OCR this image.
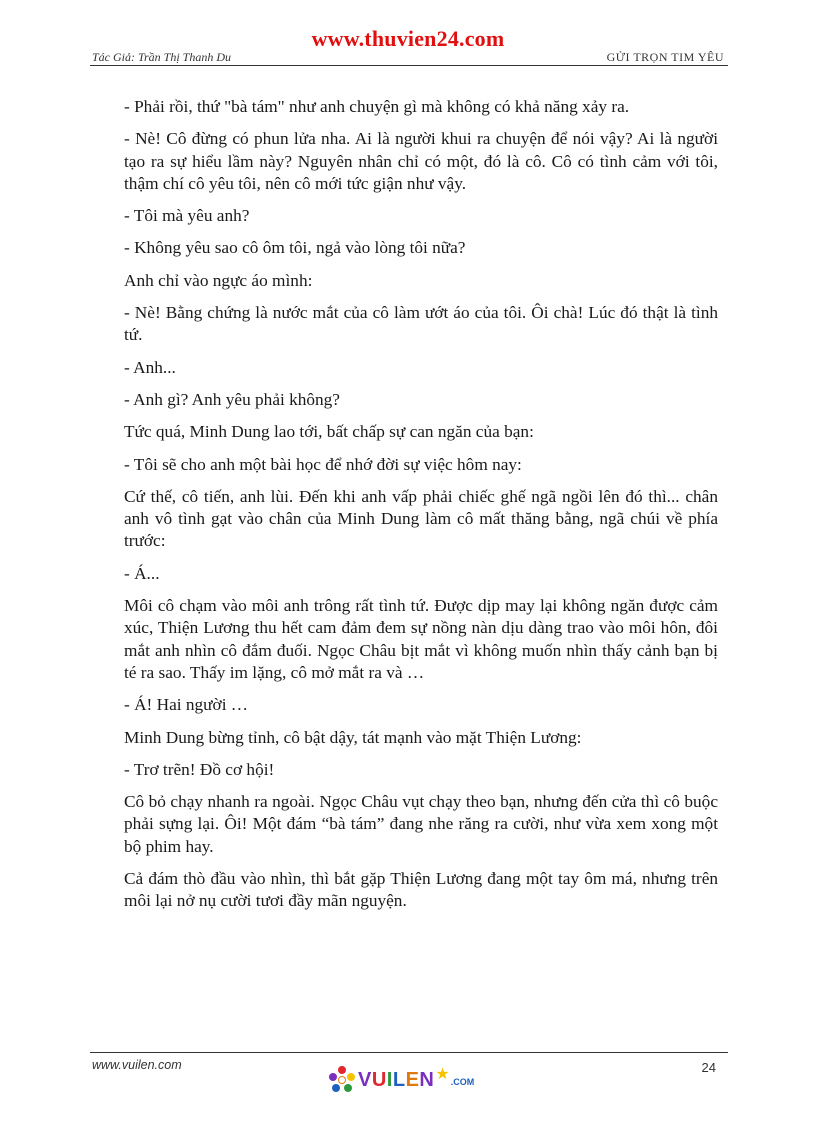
www.thuvien24.com
Tác Giả: Trần Thị Thanh Du	GỬI TRỌN TIM YÊU

- Phải rồi, thứ "bà tám" như anh chuyện gì mà không có khả năng xảy ra.

- Nè! Cô đừng có phun lửa nha. Ai là người khui ra chuyện để nói vậy? Ai là người tạo ra sự hiểu lầm này? Nguyên nhân chỉ có một, đó là cô. Cô có tình cảm với tôi, thậm chí cô yêu tôi, nên cô mới tức giận như vậy.

- Tôi mà yêu anh?

- Không yêu sao cô ôm tôi, ngả vào lòng tôi nữa?

Anh chỉ vào ngực áo mình:

- Nè! Bằng chứng là nước mắt của cô làm ướt áo của tôi. Ôi chà! Lúc đó thật là tình tứ.

- Anh...

- Anh gì? Anh yêu phải không?

Tức quá, Minh Dung lao tới, bất chấp sự can ngăn của bạn:

- Tôi sẽ cho anh một bài học để nhớ đời sự việc hôm nay:

Cứ thế, cô tiến, anh lùi. Đến khi anh vấp phải chiếc ghế ngã ngồi lên đó thì... chân anh vô tình gạt vào chân của Minh Dung làm cô mất thăng bằng, ngã chúi về phía trước:

- Á...

Môi cô chạm vào môi anh trông rất tình tứ. Được dịp may lại không ngăn được cảm xúc, Thiện Lương thu hết cam đảm đem sự nồng nàn dịu dàng trao vào môi hôn, đôi mắt anh nhìn cô đắm đuối. Ngọc Châu bịt mắt vì không muốn nhìn thấy cảnh bạn bị té ra sao. Thấy im lặng, cô mở mắt ra và …

- Á! Hai người …

Minh Dung bừng tỉnh, cô bật dậy, tát mạnh vào mặt Thiện Lương:

- Trơ trẽn! Đồ cơ hội!

Cô bỏ chạy nhanh ra ngoài. Ngọc Châu vụt chạy theo bạn, nhưng đến cửa thì cô buộc phải sựng lại. Ôi! Một đám “bà tám” đang nhe răng ra cười, như vừa xem xong một bộ phim hay.

Cả đám thò đầu vào nhìn, thì bắt gặp Thiện Lương đang một tay ôm má, nhưng trên môi lại nở nụ cười tươi đầy mãn nguyện.

www.vuilen.com	24
VUILEN ★ .COM
